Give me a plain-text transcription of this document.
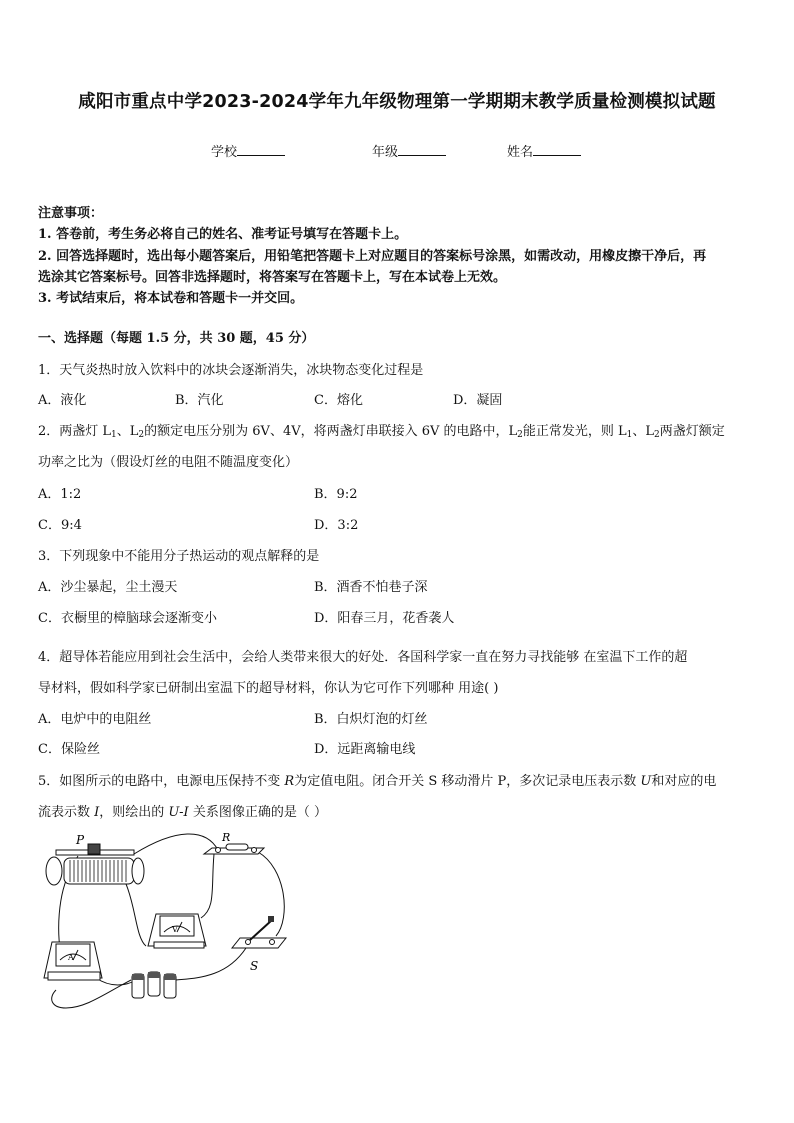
咸阳市重点中学2023-2024学年九年级物理第一学期期末教学质量检测模拟试题
学校	年级	姓名
注意事项：
1. 答卷前，考生务必将自己的姓名、准考证号填写在答题卡上。
2. 回答选择题时，选出每小题答案后，用铅笔把答题卡上对应题目的答案标号涂黑，如需改动，用橡皮擦干净后，再
选涂其它答案标号。回答非选择题时，将答案写在答题卡上，写在本试卷上无效。
3. 考试结束后，将本试卷和答题卡一并交回。
一、选择题（每题 1.5 分，共 30 题，45 分）
1．天气炎热时放入饮料中的冰块会逐渐消失，冰块物态变化过程是
A．液化	B．汽化	C．熔化	D．凝固
2．两盏灯 $L_1$、$L_2$的额定电压分别为 6V、4V，将两盏灯串联接入 6V 的电路中，$L_2$能正常发光，则 $L_1$、$L_2$两盏灯额定
功率之比为（假设灯丝的电阻不随温度变化）
A．1:2	B．9:2
C．9:4	D．3:2
3．下列现象中不能用分子热运动的观点解释的是
A．沙尘暴起，尘土漫天	B．酒香不怕巷子深
C．衣橱里的樟脑球会逐渐变小	D．阳春三月，花香袭人
4．超导体若能应用到社会生活中，会给人类带来很大的好处．各国科学家一直在努力寻找能够 在室温下工作的超
导材料，假如科学家已研制出室温下的超导材料，你认为它可作下列哪种 用途( )
A．电炉中的电阻丝	B．白炽灯泡的灯丝
C．保险丝	D．远距离输电线
5．如图所示的电路中，电源电压保持不变 R为定值电阻。闭合开关 S 移动滑片 P，多次记录电压表示数 U和对应的电
流表示数 I，则绘出的 U-I 关系图像正确的是（ ）
P	R
V
A
S
